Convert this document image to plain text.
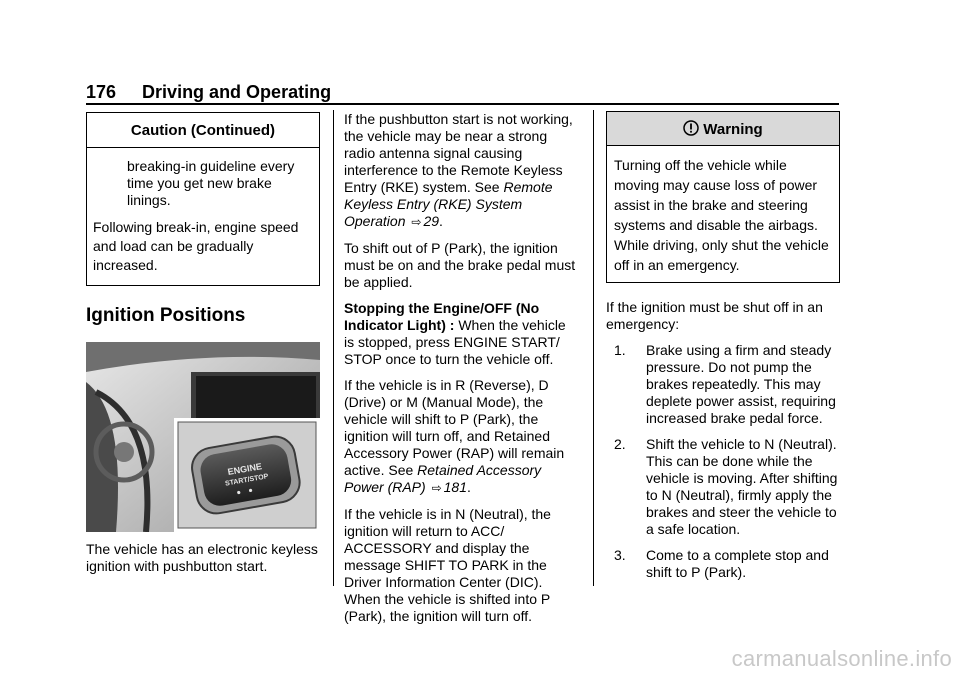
176 Driving and Operating
Caution (Continued)

breaking-in guideline every time you get new brake linings.

Following break-in, engine speed and load can be gradually increased.

Ignition Positions
ENGINE
START/STOP

The vehicle has an electronic keyless ignition with pushbutton start.

If the pushbutton start is not working, the vehicle may be near a strong radio antenna signal causing interference to the Remote Keyless Entry (RKE) system. See Remote Keyless Entry (RKE) System Operation ⇨ 29.

To shift out of P (Park), the ignition must be on and the brake pedal must be applied.

Stopping the Engine/OFF (No Indicator Light) : When the vehicle is stopped, press ENGINE START/ STOP once to turn the vehicle off.

If the vehicle is in R (Reverse), D (Drive) or M (Manual Mode), the vehicle will shift to P (Park), the ignition will turn off, and Retained Accessory Power (RAP) will remain active. See Retained Accessory Power (RAP) ⇨ 181.

If the vehicle is in N (Neutral), the ignition will return to ACC/ ACCESSORY and display the message SHIFT TO PARK in the Driver Information Center (DIC). When the vehicle is shifted into P (Park), the ignition will turn off.

Warning
Turning off the vehicle while moving may cause loss of power assist in the brake and steering systems and disable the airbags. While driving, only shut the vehicle off in an emergency.

If the ignition must be shut off in an emergency:

1. Brake using a firm and steady pressure. Do not pump the brakes repeatedly. This may deplete power assist, requiring increased brake pedal force.
2. Shift the vehicle to N (Neutral). This can be done while the vehicle is moving. After shifting to N (Neutral), firmly apply the brakes and steer the vehicle to a safe location.
3. Come to a complete stop and shift to P (Park).
carmanualsonline.info
